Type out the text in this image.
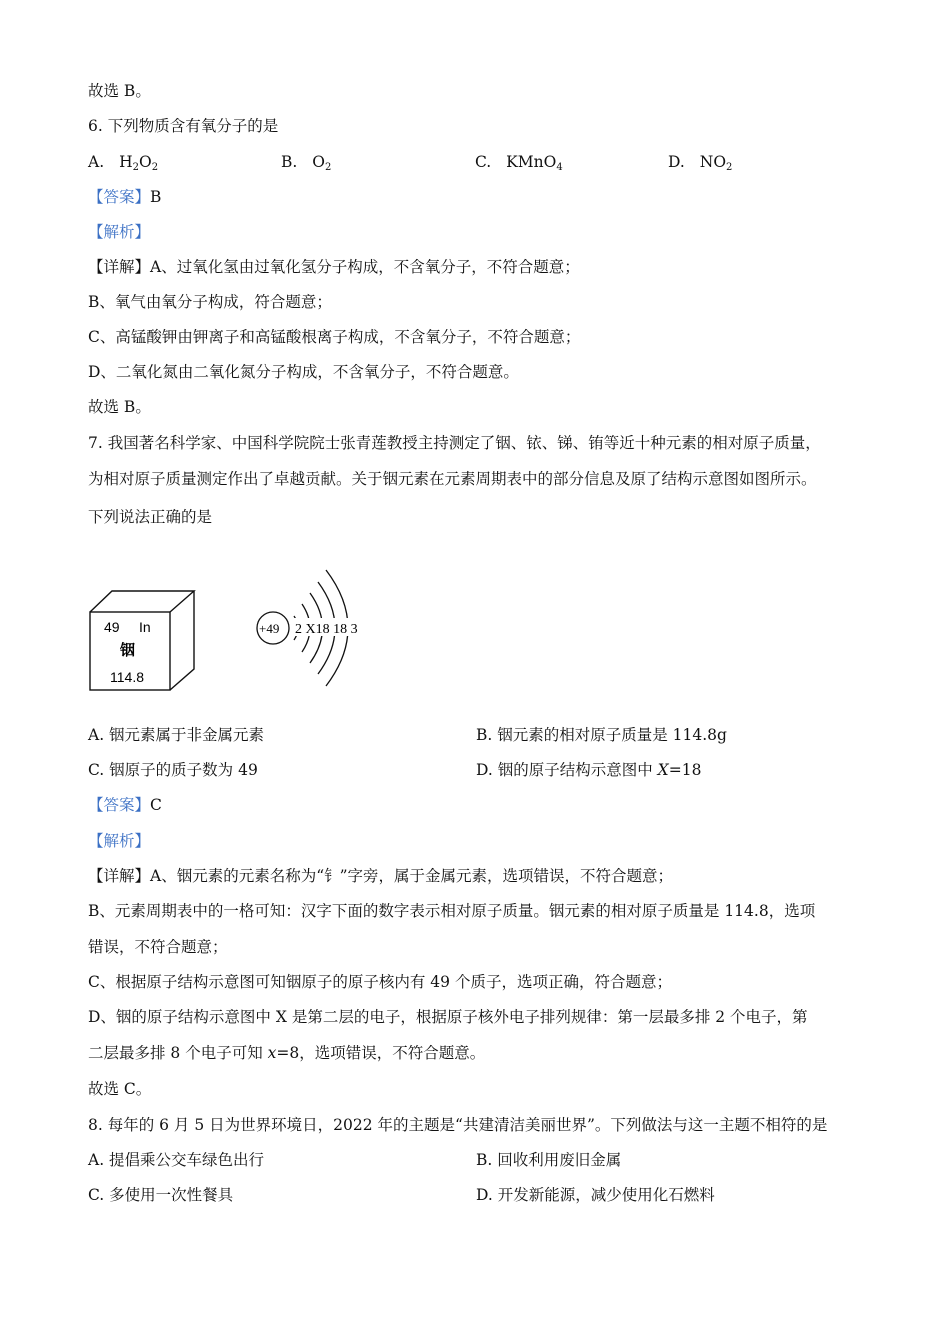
故选 B。
6. 下列物质含有氧分子的是
A. $H_2O_2$	B. $O_2$	C. KMnO$_4$	D. $NO_2$
【答案】B
【解析】
【详解】A、过氧化氢由过氧化氢分子构成，不含氧分子，不符合题意；
B、氧气由氧分子构成，符合题意；
C、高锰酸钾由钾离子和高锰酸根离子构成，不含氧分子，不符合题意；
D、二氧化氮由二氧化氮分子构成，不含氧分子，不符合题意。
故选 B。
7. 我国著名科学家、中国科学院院士张青莲教授主持测定了铟、铱、锑、铕等近十种元素的相对原子质量，
为相对原子质量测定作出了卓越贡献。关于铟元素在元素周期表中的部分信息及原了结构示意图如图所示。
下列说法正确的是
49 In
铟
114.8
+49 2 X18 18 3
A. 铟元素属于非金属元素	B. 铟元素的相对原子质量是 114.8g
C. 铟原子的质子数为 49	D. 铟的原子结构示意图中 X=18
【答案】C
【解析】
【详解】A、铟元素的元素名称为“钅”字旁，属于金属元素，选项错误，不符合题意；
B、元素周期表中的一格可知：汉字下面的数字表示相对原子质量。铟元素的相对原子质量是 114.8，选项
错误，不符合题意；
C、根据原子结构示意图可知铟原子的原子核内有 49 个质子，选项正确，符合题意；
D、铟的原子结构示意图中 X 是第二层的电子，根据原子核外电子排列规律：第一层最多排 2 个电子，第
二层最多排 8 个电子可知 x=8，选项错误，不符合题意。
故选 C。
8. 每年的 6 月 5 日为世界环境日，2022 年的主题是“共建清洁美丽世界”。下列做法与这一主题不相符的是
A. 提倡乘公交车绿色出行	B. 回收利用废旧金属
C. 多使用一次性餐具	D. 开发新能源，减少使用化石燃料
